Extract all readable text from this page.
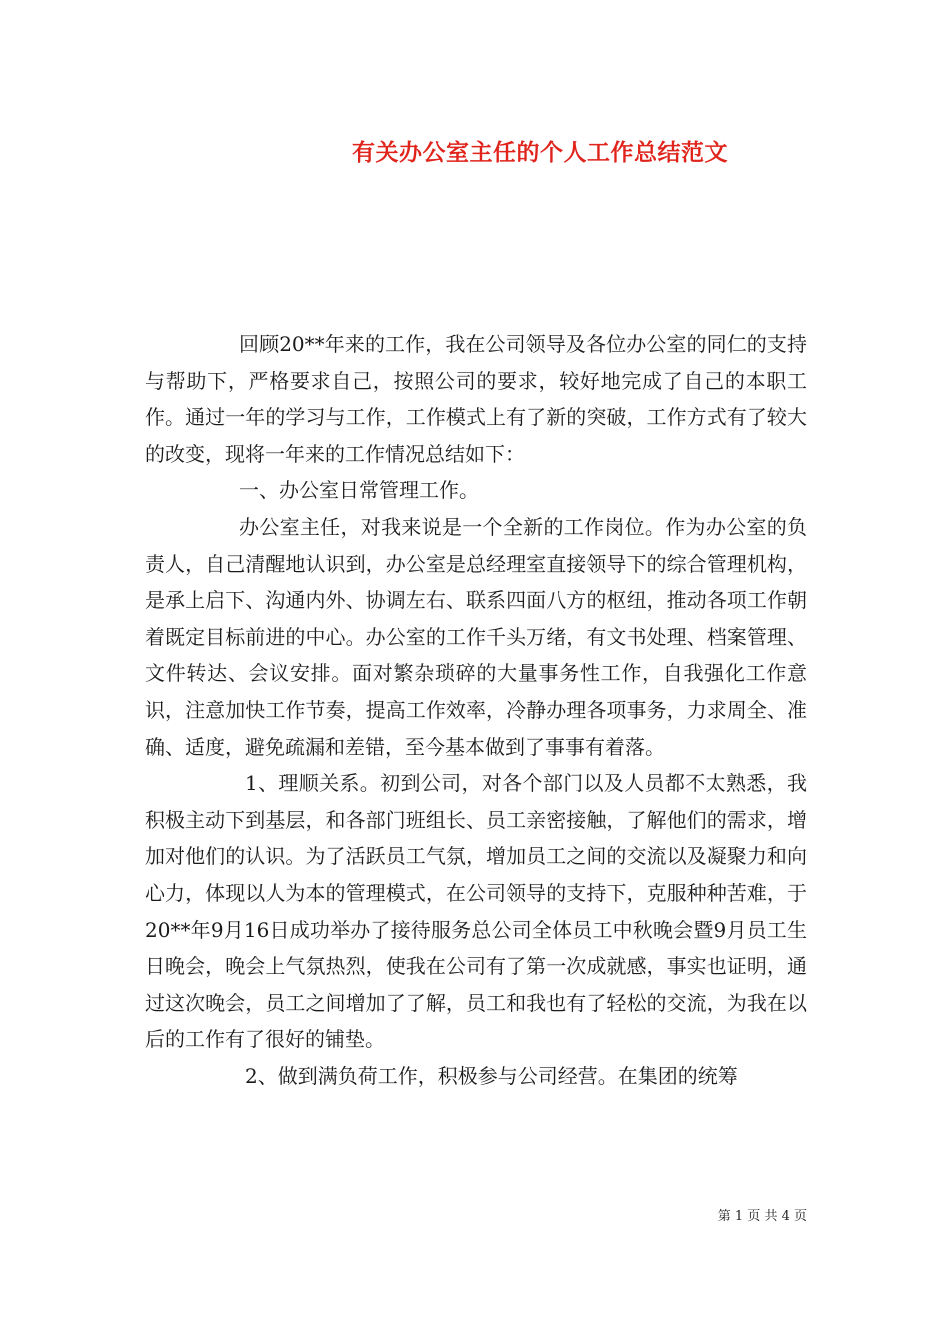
有关办公室主任的个人工作总结范文

回顾20**年来的工作，我在公司领导及各位办公室的同仁的支持与帮助下，严格要求自己，按照公司的要求，较好地完成了自己的本职工作。通过一年的学习与工作，工作模式上有了新的突破，工作方式有了较大的改变，现将一年来的工作情况总结如下：

一、办公室日常管理工作。

办公室主任，对我来说是一个全新的工作岗位。作为办公室的负责人，自己清醒地认识到，办公室是总经理室直接领导下的综合管理机构，是承上启下、沟通内外、协调左右、联系四面八方的枢纽，推动各项工作朝着既定目标前进的中心。办公室的工作千头万绪，有文书处理、档案管理、文件转达、会议安排。面对繁杂琐碎的大量事务性工作，自我强化工作意识，注意加快工作节奏，提高工作效率，冷静办理各项事务，力求周全、准确、适度，避免疏漏和差错，至今基本做到了事事有着落。

1、理顺关系。初到公司，对各个部门以及人员都不太熟悉，我积极主动下到基层，和各部门班组长、员工亲密接触，了解他们的需求，增加对他们的认识。为了活跃员工气氛，增加员工之间的交流以及凝聚力和向心力，体现以人为本的管理模式，在公司领导的支持下，克服种种苦难，于20**年9月16日成功举办了接待服务总公司全体员工中秋晚会暨9月员工生日晚会，晚会上气氛热烈，使我在公司有了第一次成就感，事实也证明，通过这次晚会，员工之间增加了了解，员工和我也有了轻松的交流，为我在以后的工作有了很好的铺垫。

2、做到满负荷工作，积极参与公司经营。在集团的统筹

第 1 页 共 4 页
